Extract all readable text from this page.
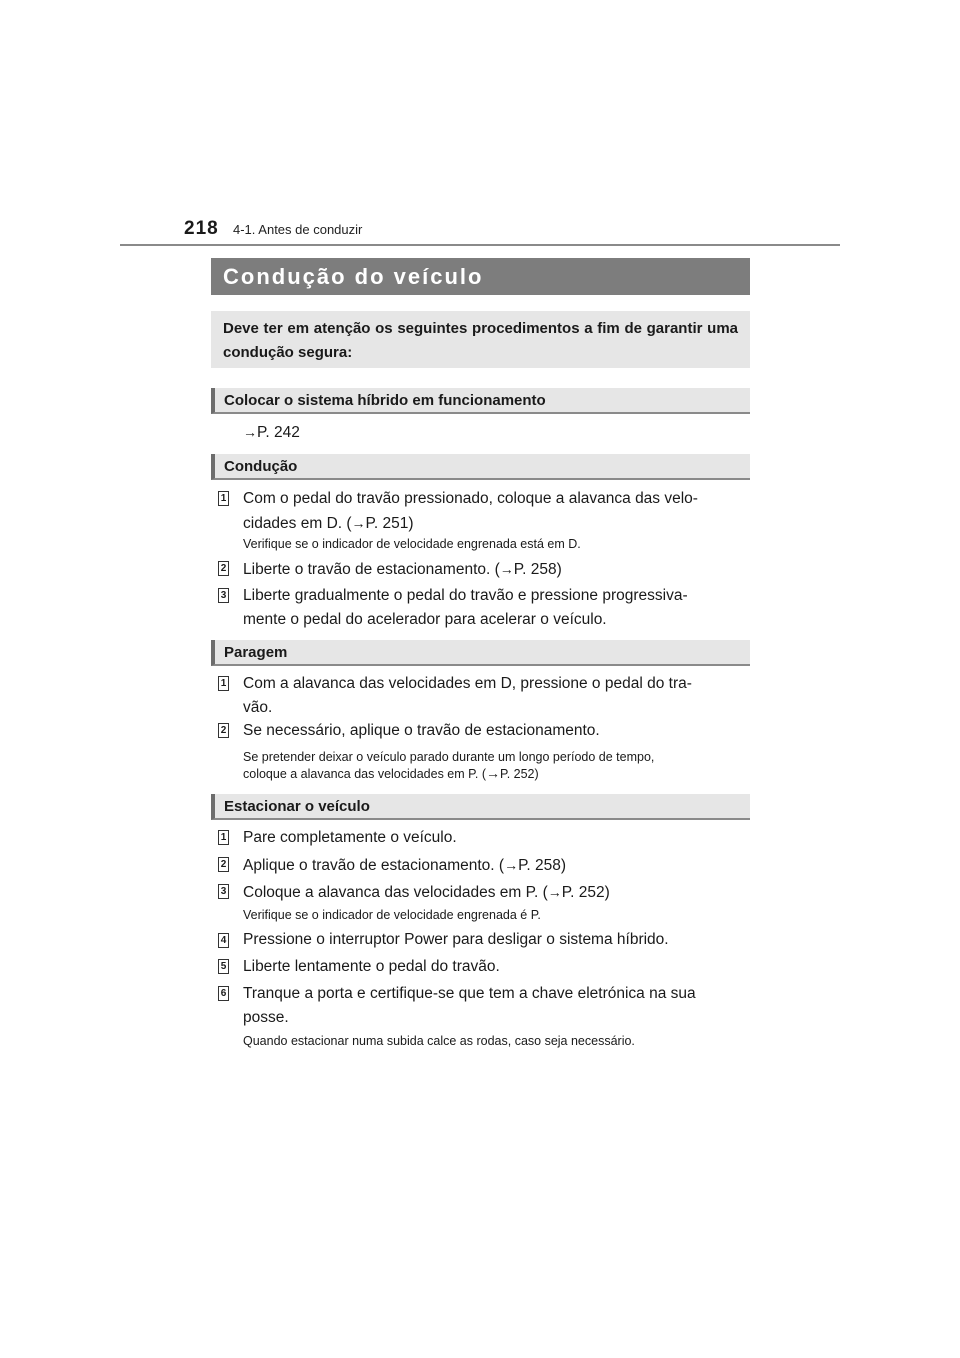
218 4-1. Antes de conduzir
Condução do veículo
Deve ter em atenção os seguintes procedimentos a fim de garantir uma condução segura:
Colocar o sistema híbrido em funcionamento
→P. 242
Condução
1 Com o pedal do travão pressionado, coloque a alavanca das velo-
cidades em D. (→P. 251)
Verifique se o indicador de velocidade engrenada está em D.
2 Liberte o travão de estacionamento. (→P. 258)
3 Liberte gradualmente o pedal do travão e pressione progressiva-
mente o pedal do acelerador para acelerar o veículo.
Paragem
1 Com a alavanca das velocidades em D, pressione o pedal do tra-
vão.
2 Se necessário, aplique o travão de estacionamento.
Se pretender deixar o veículo parado durante um longo período de tempo,
coloque a alavanca das velocidades em P. (→P. 252)
Estacionar o veículo
1 Pare completamente o veículo.
2 Aplique o travão de estacionamento. (→P. 258)
3 Coloque a alavanca das velocidades em P. (→P. 252)
Verifique se o indicador de velocidade engrenada é P.
4 Pressione o interruptor Power para desligar o sistema híbrido.
5 Liberte lentamente o pedal do travão.
6 Tranque a porta e certifique-se que tem a chave eletrónica na sua
posse.
Quando estacionar numa subida calce as rodas, caso seja necessário.
